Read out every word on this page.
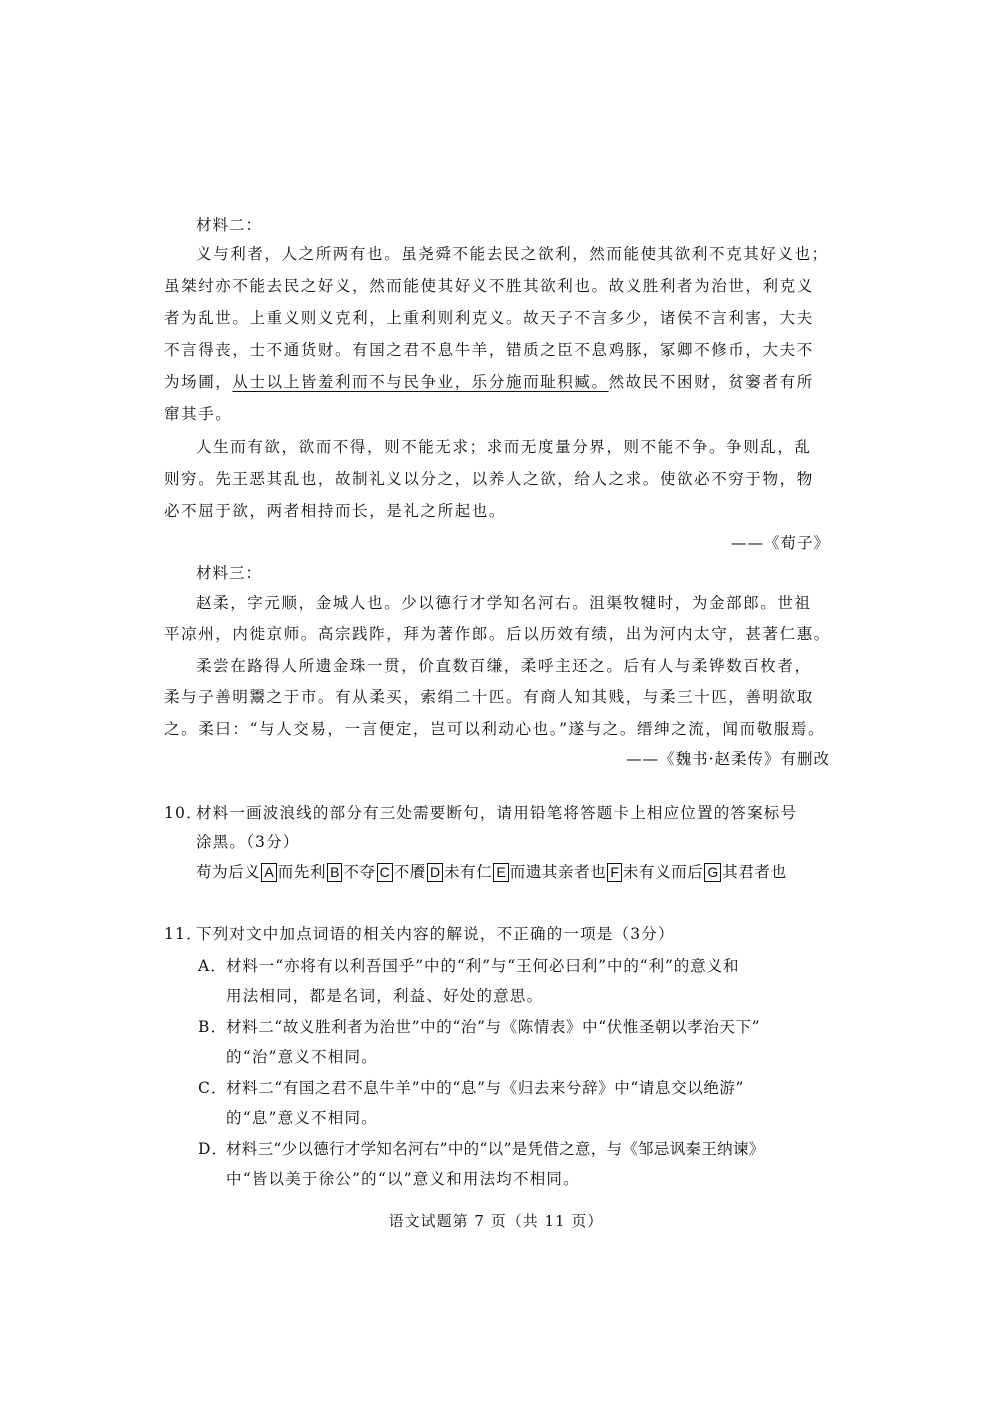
材料二：
义与利者，人之所两有也。虽尧舜不能去民之欲利，然而能使其欲利不克其好义也；
虽桀纣亦不能去民之好义，然而能使其好义不胜其欲利也。故义胜利者为治世，利克义
者为乱世。上重义则义克利，上重利则利克义。故天子不言多少，诸侯不言利害，大夫
不言得丧，士不通货财。有国之君不息牛羊，错质之臣不息鸡豚，冢卿不修币，大夫不
为场圃，从士以上皆羞利而不与民争业，乐分施而耻积臧。然故民不困财，贫窭者有所
窜其手。
人生而有欲，欲而不得，则不能无求；求而无度量分界，则不能不争。争则乱，乱
则穷。先王恶其乱也，故制礼义以分之，以养人之欲，给人之求。使欲必不穷于物，物
必不屈于欲，两者相持而长，是礼之所起也。
——《荀子》
材料三：
赵柔，字元顺，金城人也。少以德行才学知名河右。沮渠牧犍时，为金部郎。世祖
平凉州，内徙京师。高宗践阼，拜为著作郎。后以历效有绩，出为河内太守，甚著仁惠。
柔尝在路得人所遗金珠一贯，价直数百缣，柔呼主还之。后有人与柔铧数百枚者，
柔与子善明鬻之于市。有从柔买，索绢二十匹。有商人知其贱，与柔三十匹，善明欲取
之。柔曰：“与人交易，一言便定，岂可以利动心也。”遂与之。缙绅之流，闻而敬服焉。
——《魏书·赵柔传》有删改
10．
材料一画波浪线的部分有三处需要断句，请用铅笔将答题卡上相应位置的答案标号
涂黑。（3分）
苟为后义 A 而先利 B 不夺 C 不餍 D 未有仁 E 而遗其亲者也 F 未有义而后 G 其君者也
11．
下列对文中加点词语的相关内容的解说，不正确的一项是（3分）
A．
材料一“亦将有以利吾国乎”中的“利”与“王何必曰利”中的“利”的意义和
用法相同，都是名词，利益、好处的意思。
B．
材料二“故义胜利者为治世”中的“治”与《陈情表》中“伏惟圣朝以孝治天下”
的“治”意义不相同。
C．
材料二“有国之君不息牛羊”中的“息”与《归去来兮辞》中“请息交以绝游”
的“息”意义不相同。
D．
材料三“少以德行才学知名河右”中的“以”是凭借之意，与《邹忌讽秦王纳谏》
中“皆以美于徐公”的“以”意义和用法均不相同。
语文试题第 7 页（共 11 页）
